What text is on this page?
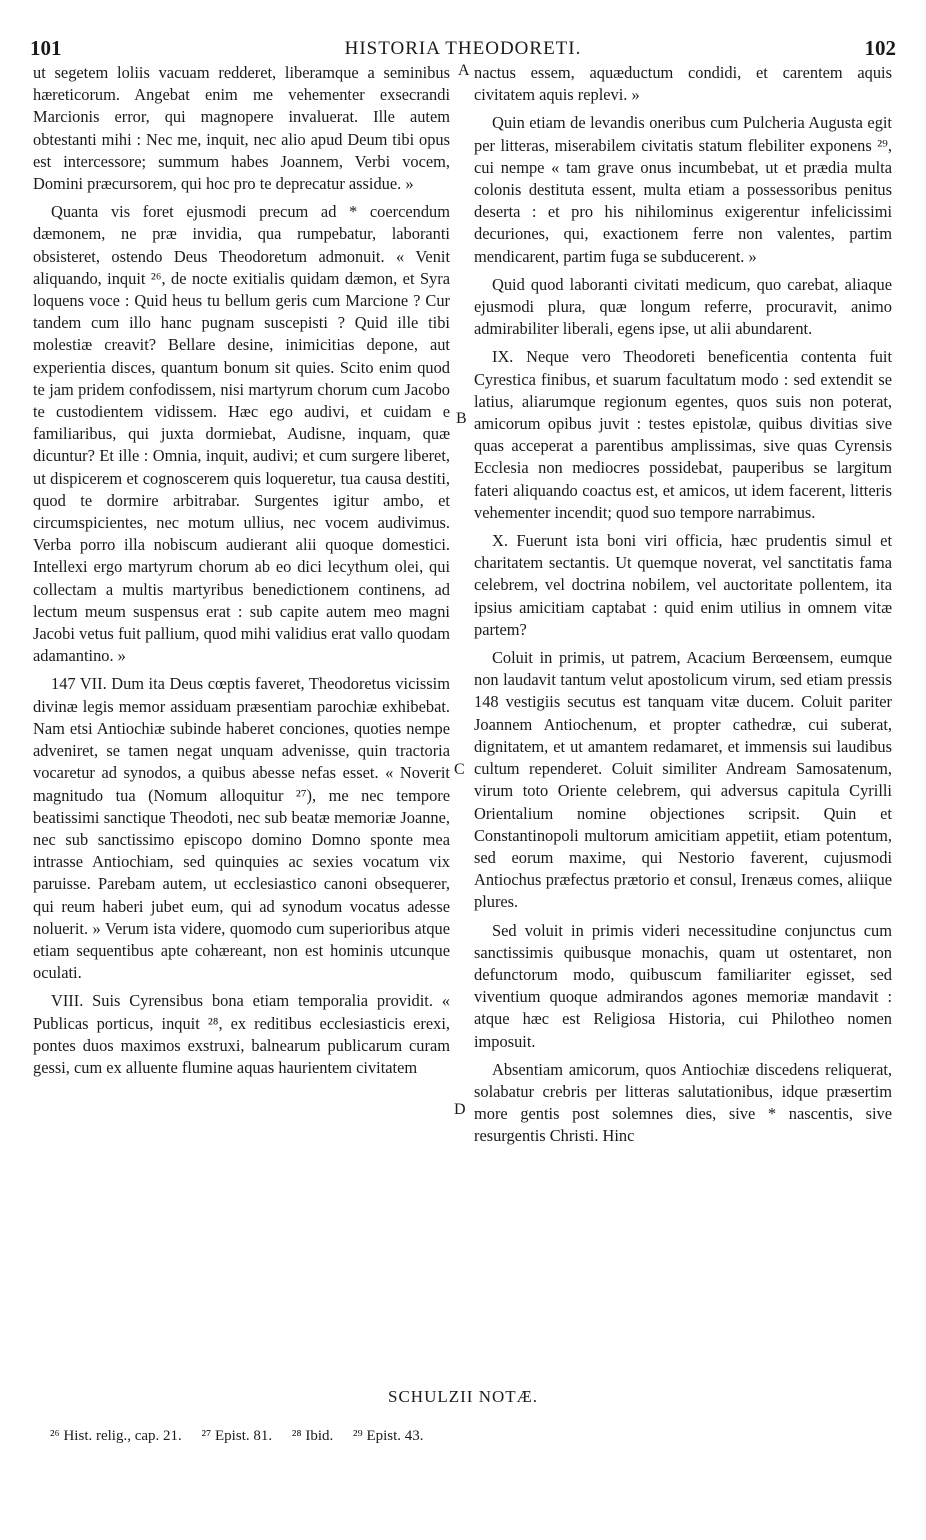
101	HISTORIA THEODORETI.	102
A
B
C
D

ut segetem loliis vacuam redderet, liberamque a seminibus hæreticorum. Angebat enim me vehementer exsecrandi Marcionis error, qui magnopere invaluerat. Ille autem obtestanti mihi : Nec me, inquit, nec alio apud Deum tibi opus est intercessore; summum habes Joannem, Verbi vocem, Domini præcursorem, qui hoc pro te deprecatur assidue. »

Quanta vis foret ejusmodi precum ad * coercendum dæmonem, ne præ invidia, qua rumpebatur, laboranti obsisteret, ostendo Deus Theodoretum admonuit. « Venit aliquando, inquit ²⁶, de nocte exitialis quidam dæmon, et Syra loquens voce : Quid heus tu bellum geris cum Marcione ? Cur tandem cum illo hanc pugnam suscepisti ? Quid ille tibi molestiæ creavit? Bellare desine, inimicitias depone, aut experientia disces, quantum bonum sit quies. Scito enim quod te jam pridem confodissem, nisi martyrum chorum cum Jacobo te custodientem vidissem. Hæc ego audivi, et cuidam e familiaribus, qui juxta dormiebat, Audisne, inquam, quæ dicuntur? Et ille : Omnia, inquit, audivi; et cum surgere liberet, ut dispicerem et cognoscerem quis loqueretur, tua causa destiti, quod te dormire arbitrabar. Surgentes igitur ambo, et circumspicientes, nec motum ullius, nec vocem audivimus. Verba porro illa nobiscum audierant alii quoque domestici. Intellexi ergo martyrum chorum ab eo dici lecythum olei, qui collectam a multis martyribus benedictionem continens, ad lectum meum suspensus erat : sub capite autem meo magni Jacobi vetus fuit pallium, quod mihi validius erat vallo quodam adamantino. »

147 VII. Dum ita Deus cœptis faveret, Theodoretus vicissim divinæ legis memor assiduam præsentiam parochiæ exhibebat. Nam etsi Antiochiæ subinde haberet conciones, quoties nempe adveniret, se tamen negat unquam advenisse, quin tractoria vocaretur ad synodos, a quibus abesse nefas esset. « Noverit magnitudo tua (Nomum alloquitur ²⁷), me nec tempore beatissimi sanctique Theodoti, nec sub beatæ memoriæ Joanne, nec sub sanctissimo episcopo domino Domno sponte mea intrasse Antiochiam, sed quinquies ac sexies vocatum vix paruisse. Parebam autem, ut ecclesiastico canoni obsequerer, qui reum haberi jubet eum, qui ad synodum vocatus adesse noluerit. » Verum ista videre, quomodo cum superioribus atque etiam sequentibus apte cohæreant, non est hominis utcunque oculati.

VIII. Suis Cyrensibus bona etiam temporalia providit. « Publicas porticus, inquit ²⁸, ex reditibus ecclesiasticis erexi, pontes duos maximos exstruxi, balnearum publicarum curam gessi, cum ex alluente flumine aquas haurientem civitatem

nactus essem, aquæductum condidi, et carentem aquis civitatem aquis replevi. »

Quin etiam de levandis oneribus cum Pulcheria Augusta egit per litteras, miserabilem civitatis statum flebiliter exponens ²⁹, cui nempe « tam grave onus incumbebat, ut et prædia multa colonis destituta essent, multa etiam a possessoribus penitus deserta : et pro his nihilominus exigerentur infelicissimi decuriones, qui, exactionem ferre non valentes, partim mendicarent, partim fuga se subducerent. »

Quid quod laboranti civitati medicum, quo carebat, aliaque ejusmodi plura, quæ longum referre, procuravit, animo admirabiliter liberali, egens ipse, ut alii abundarent.

IX. Neque vero Theodoreti beneficentia contenta fuit Cyrestica finibus, et suarum facultatum modo : sed extendit se latius, aliarumque regionum egentes, quos suis non poterat, amicorum opibus juvit : testes epistolæ, quibus divitias sive quas acceperat a parentibus amplissimas, sive quas Cyrensis Ecclesia non mediocres possidebat, pauperibus se largitum fateri aliquando coactus est, et amicos, ut idem facerent, litteris vehementer incendit; quod suo tempore narrabimus.

X. Fuerunt ista boni viri officia, hæc prudentis simul et charitatem sectantis. Ut quemque noverat, vel sanctitatis fama celebrem, vel doctrina nobilem, vel auctoritate pollentem, ita ipsius amicitiam captabat : quid enim utilius in omnem vitæ partem?

Coluit in primis, ut patrem, Acacium Berœensem, eumque non laudavit tantum velut apostolicum virum, sed etiam pressis 148 vestigiis secutus est tanquam vitæ ducem. Coluit pariter Joannem Antiochenum, et propter cathedræ, cui suberat, dignitatem, et ut amantem redamaret, et immensis sui laudibus cultum rependeret. Coluit similiter Andream Samosatenum, virum toto Oriente celebrem, qui adversus capitula Cyrilli Orientalium nomine objectiones scripsit. Quin et Constantinopoli multorum amicitiam appetiit, etiam potentum, sed eorum maxime, qui Nestorio faverent, cujusmodi Antiochus præfectus prætorio et consul, Irenæus comes, aliique plures.

Sed voluit in primis videri necessitudine conjunctus cum sanctissimis quibusque monachis, quam ut ostentaret, non defunctorum modo, quibuscum familiariter egisset, sed viventium quoque admirandos agones memoriæ mandavit : atque hæc est Religiosa Historia, cui Philotheo nomen imposuit.

Absentiam amicorum, quos Antiochiæ discedens reliquerat, solabatur crebris per litteras salutationibus, idque præsertim more gentis post solemnes dies, sive * nascentis, sive resurgentis Christi. Hinc

SCHULZII NOTÆ.
²⁶ Hist. relig., cap. 21. ²⁷ Epist. 81. ²⁸ Ibid. ²⁹ Epist. 43.
